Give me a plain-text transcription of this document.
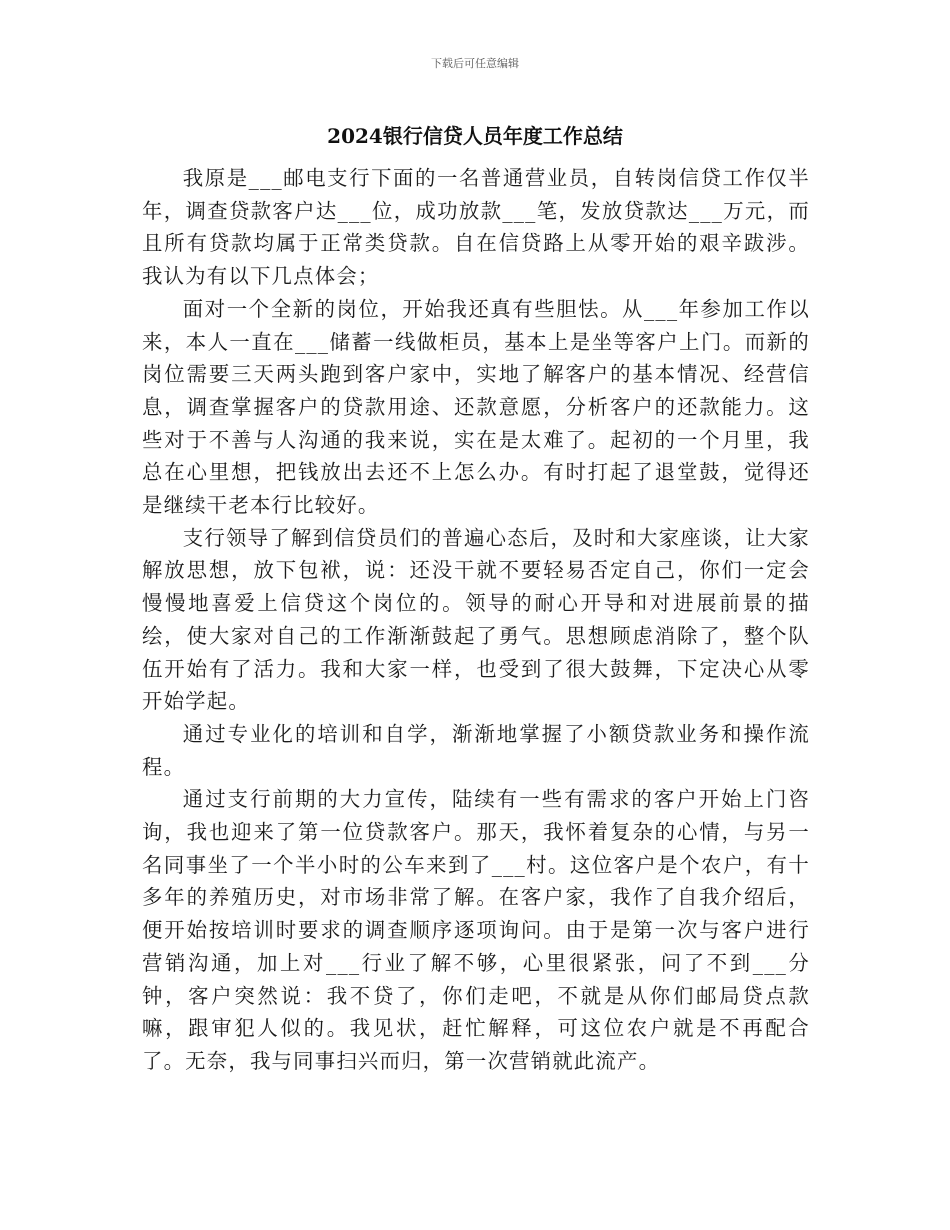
下载后可任意编辑
2024银行信贷人员年度工作总结

我原是___邮电支行下面的一名普通营业员，自转岗信贷工作仅半年，调查贷款客户达___位，成功放款___笔，发放贷款达___万元，而且所有贷款均属于正常类贷款。自在信贷路上从零开始的艰辛跋涉。我认为有以下几点体会；

面对一个全新的岗位，开始我还真有些胆怯。从___年参加工作以来，本人一直在___储蓄一线做柜员，基本上是坐等客户上门。而新的岗位需要三天两头跑到客户家中，实地了解客户的基本情况、经营信息，调查掌握客户的贷款用途、还款意愿，分析客户的还款能力。这些对于不善与人沟通的我来说，实在是太难了。起初的一个月里，我总在心里想，把钱放出去还不上怎么办。有时打起了退堂鼓，觉得还是继续干老本行比较好。

支行领导了解到信贷员们的普遍心态后，及时和大家座谈，让大家解放思想，放下包袱，说：还没干就不要轻易否定自己，你们一定会慢慢地喜爱上信贷这个岗位的。领导的耐心开导和对进展前景的描绘，使大家对自己的工作渐渐鼓起了勇气。思想顾虑消除了，整个队伍开始有了活力。我和大家一样，也受到了很大鼓舞，下定决心从零开始学起。

通过专业化的培训和自学，渐渐地掌握了小额贷款业务和操作流程。

通过支行前期的大力宣传，陆续有一些有需求的客户开始上门咨询，我也迎来了第一位贷款客户。那天，我怀着复杂的心情，与另一名同事坐了一个半小时的公车来到了___村。这位客户是个农户，有十多年的养殖历史，对市场非常了解。在客户家，我作了自我介绍后，便开始按培训时要求的调查顺序逐项询问。由于是第一次与客户进行营销沟通，加上对___行业了解不够，心里很紧张，问了不到___分钟，客户突然说：我不贷了，你们走吧，不就是从你们邮局贷点款嘛，跟审犯人似的。我见状，赶忙解释，可这位农户就是不再配合了。无奈，我与同事扫兴而归，第一次营销就此流产。
